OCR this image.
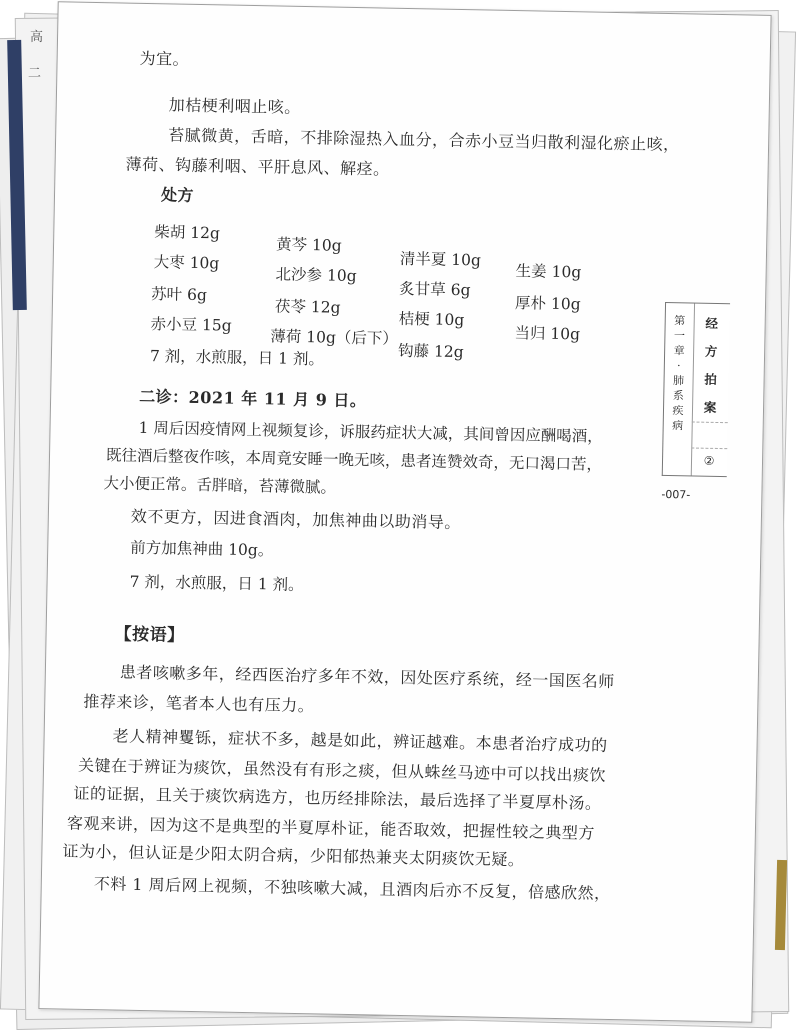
高
二
为宜。
加桔梗利咽止咳。
苔腻微黄，舌暗，不排除湿热入血分，合赤小豆当归散利湿化瘀止咳，
薄荷、钩藤利咽、平肝息风、解痉。
处方
柴胡 12g
黄芩 10g
清半夏 10g
生姜 10g
大枣 10g
北沙参 10g
炙甘草 6g
厚朴 10g
苏叶 6g
茯苓 12g
桔梗 10g
当归 10g
赤小豆 15g
薄荷 10g（后下）
钩藤 12g
7 剂，水煎服，日 1 剂。
二诊：2021 年 11 月 9 日。
1 周后因疫情网上视频复诊，诉服药症状大减，其间曾因应酬喝酒，
既往酒后整夜作咳，本周竟安睡一晚无咳，患者连赞效奇，无口渴口苦，
大小便正常。舌胖暗，苔薄微腻。
效不更方，因进食酒肉，加焦神曲以助消导。
前方加焦神曲 10g。
7 剂，水煎服，日 1 剂。
【按语】
患者咳嗽多年，经西医治疗多年不效，因处医疗系统，经一国医名师
推荐来诊，笔者本人也有压力。
老人精神矍铄，症状不多，越是如此，辨证越难。本患者治疗成功的
关键在于辨证为痰饮，虽然没有有形之痰，但从蛛丝马迹中可以找出痰饮
证的证据，且关于痰饮病选方，也历经排除法，最后选择了半夏厚朴汤。
客观来讲，因为这不是典型的半夏厚朴证，能否取效，把握性较之典型方
证为小，但认证是少阳太阴合病，少阳郁热兼夹太阴痰饮无疑。
不料 1 周后网上视频，不独咳嗽大减，且酒肉后亦不反复，倍感欣然，
第一章 · 肺系疾病
经方拍案
②
-007-
